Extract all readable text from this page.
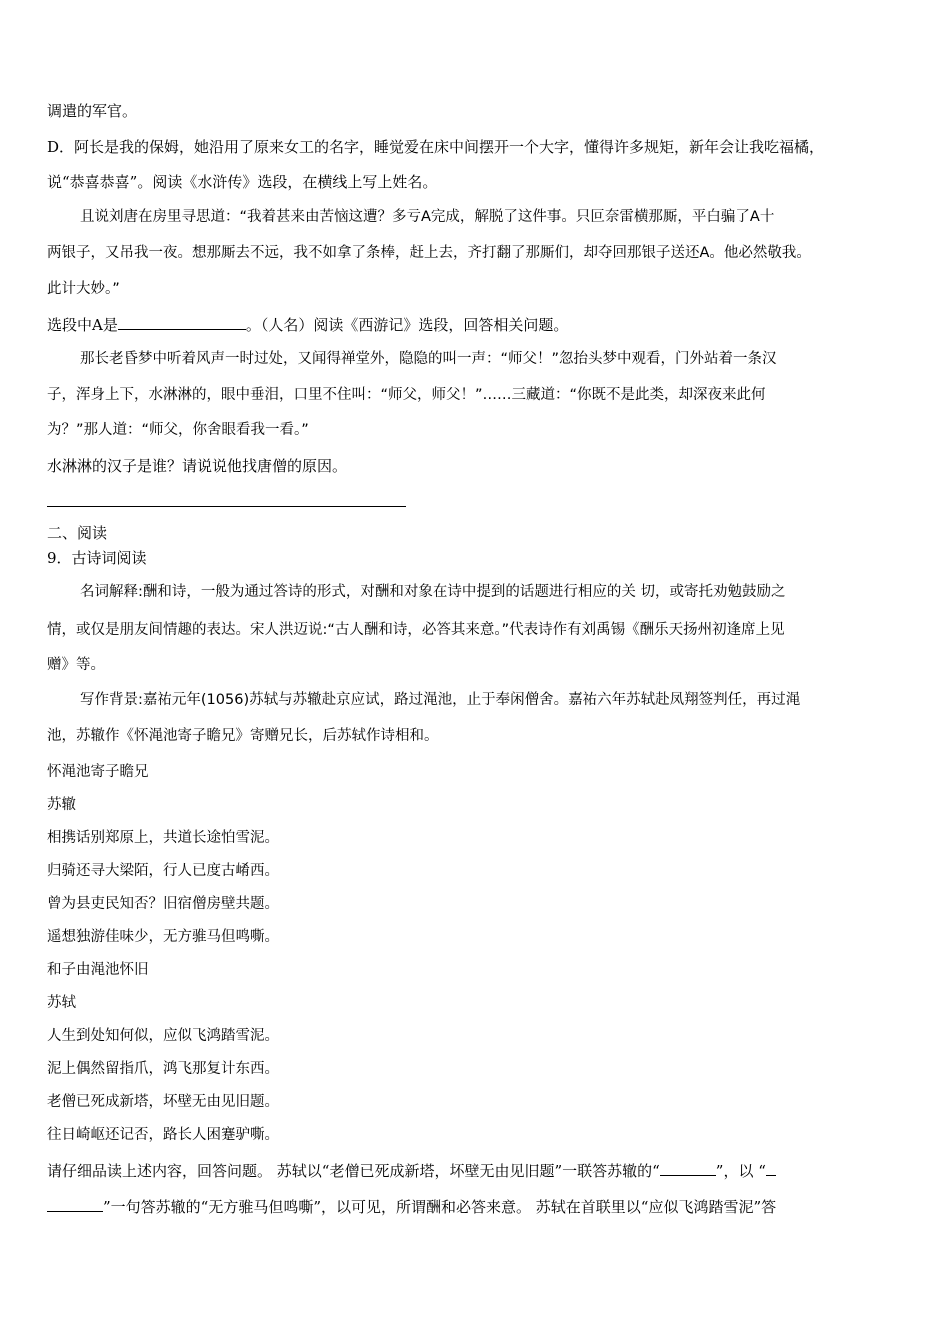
调遣的军官。
D．阿长是我的保姆，她沿用了原来女工的名字，睡觉爱在床中间摆开一个大字，懂得许多规矩，新年会让我吃福橘，
说“恭喜恭喜”。阅读《水浒传》选段，在横线上写上姓名。
且说刘唐在房里寻思道：“我着甚来由苦恼这遭？多亏A完成，解脱了这件事。只叵奈雷横那厮，平白骗了A十
两银子，又吊我一夜。想那厮去不远，我不如拿了条棒，赶上去，齐打翻了那厮们，却夺回那银子送还A。他必然敬我。
此计大妙。”
选段中A是	。（人名）阅读《西游记》选段，回答相关问题。
那长老昏梦中听着风声一时过处，又闻得禅堂外，隐隐的叫一声：“师父！”忽抬头梦中观看，门外站着一条汉
子，浑身上下，水淋淋的，眼中垂泪，口里不住叫：“师父，师父！”……三藏道：“你既不是此类，却深夜来此何
为？”那人道：“师父，你舍眼看我一看。”
水淋淋的汉子是谁？请说说他找唐僧的原因。
二、阅读
9．古诗词阅读
名词解释:酬和诗，一般为通过答诗的形式，对酬和对象在诗中提到的话题进行相应的关 切，或寄托劝勉鼓励之
情，或仅是朋友间情趣的表达。宋人洪迈说:“古人酬和诗，必答其来意。”代表诗作有刘禹锡《酬乐天扬州初逢席上见
赠》等。
写作背景:嘉祐元年(1056)苏轼与苏辙赴京应试，路过渑池，止于奉闲僧舍。嘉祐六年苏轼赴凤翔签判任，再过渑
池，苏辙作《怀渑池寄子瞻兄》寄赠兄长，后苏轼作诗相和。
怀渑池寄子瞻兄
苏辙
相携话别郑原上，共道长途怕雪泥。
归骑还寻大梁陌，行人已度古崤西。
曾为县吏民知否？旧宿僧房壁共题。
遥想独游佳味少，无方骓马但鸣嘶。
和子由渑池怀旧
苏轼
人生到处知何似，应似飞鸿踏雪泥。
泥上偶然留指爪，鸿飞那复计东西。
老僧已死成新塔，坏壁无由见旧题。
往日崎岖还记否，路长人困蹇驴嘶。
请仔细品读上述内容，回答问题。 苏轼以“老僧已死成新塔，坏壁无由见旧题”一联答苏辙的“	”，以 “
”一句答苏辙的“无方骓马但鸣嘶”，以可见，所谓酬和必答来意。 苏轼在首联里以“应似飞鸿踏雪泥”答
